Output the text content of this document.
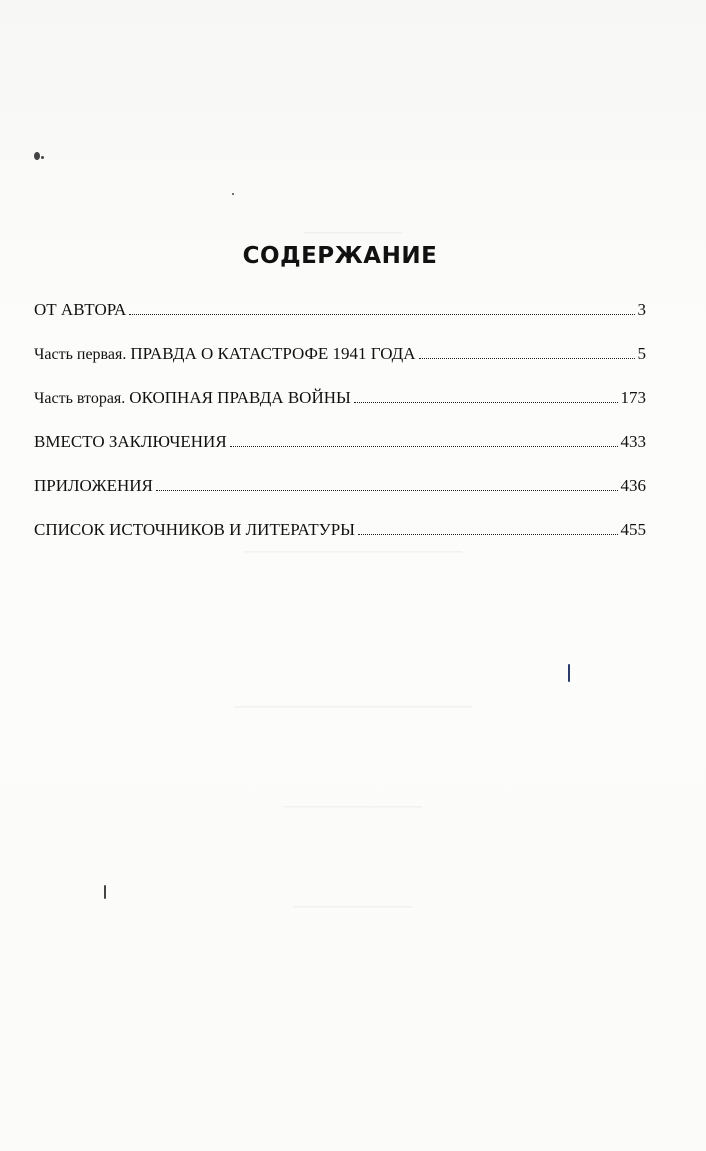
──────────
──────────────────────
────────────────────────
──────────────
────────────
СОДЕРЖАНИЕ
ОТ АВТОРА	3
Часть первая. ПРАВДА О КАТАСТРОФЕ 1941 ГОДА	5
Часть вторая. ОКОПНАЯ ПРАВДА ВОЙНЫ	173
ВМЕСТО ЗАКЛЮЧЕНИЯ	433
ПРИЛОЖЕНИЯ	436
СПИСОК ИСТОЧНИКОВ И ЛИТЕРАТУРЫ	455
